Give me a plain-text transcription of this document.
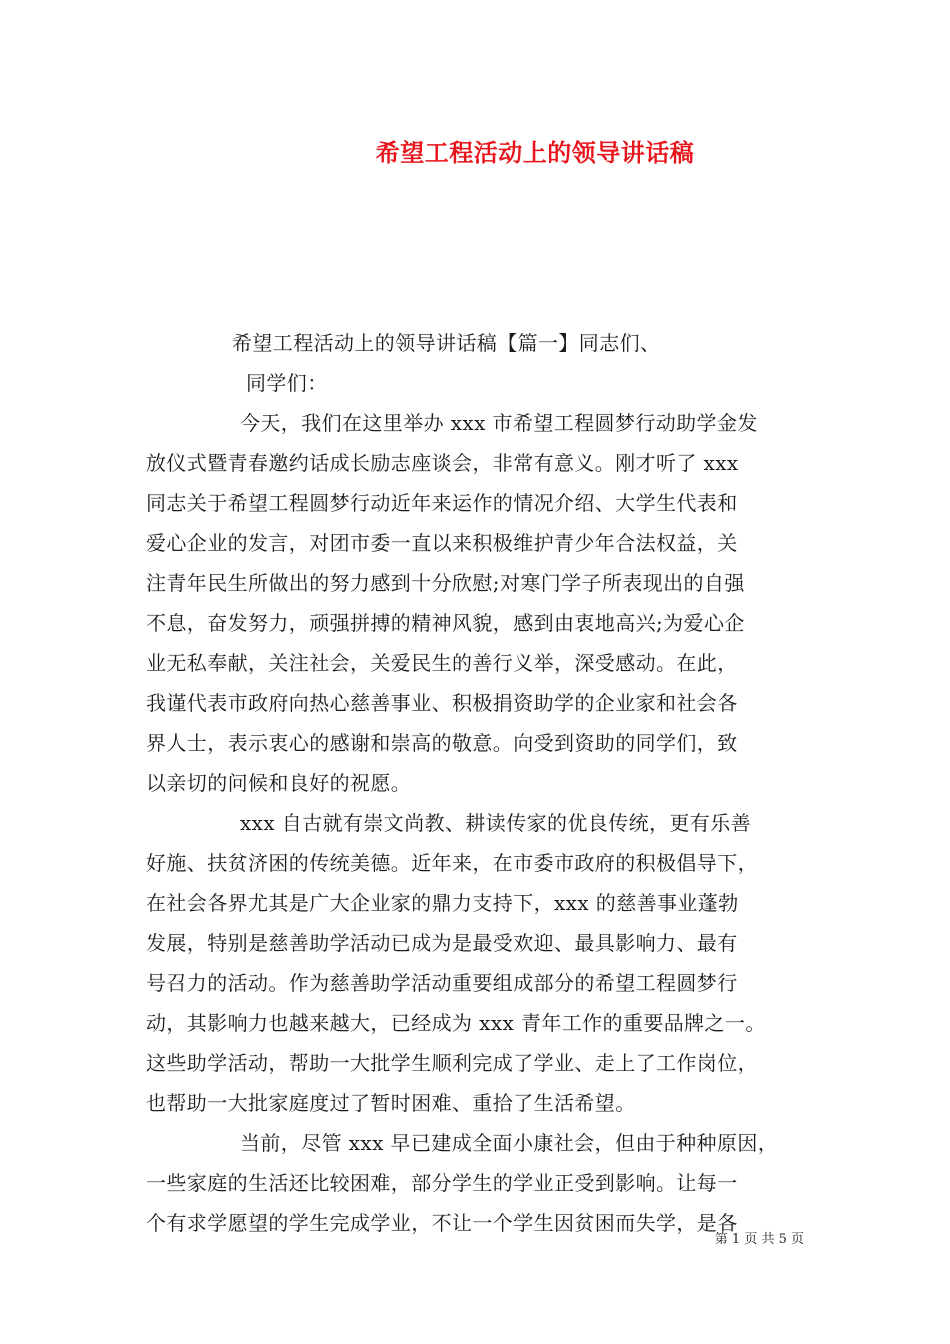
希望工程活动上的领导讲话稿
希望工程活动上的领导讲话稿【篇一】同志们、
同学们：
今天，我们在这里举办 xxx 市希望工程圆梦行动助学金发
放仪式暨青春邀约话成长励志座谈会，非常有意义。刚才听了 xxx
同志关于希望工程圆梦行动近年来运作的情况介绍、大学生代表和
爱心企业的发言，对团市委一直以来积极维护青少年合法权益，关
注青年民生所做出的努力感到十分欣慰;对寒门学子所表现出的自强
不息，奋发努力，顽强拼搏的精神风貌，感到由衷地高兴;为爱心企
业无私奉献，关注社会，关爱民生的善行义举，深受感动。在此，
我谨代表市政府向热心慈善事业、积极捐资助学的企业家和社会各
界人士，表示衷心的感谢和崇高的敬意。向受到资助的同学们，致
以亲切的问候和良好的祝愿。
xxx 自古就有崇文尚教、耕读传家的优良传统，更有乐善
好施、扶贫济困的传统美德。近年来，在市委市政府的积极倡导下，
在社会各界尤其是广大企业家的鼎力支持下，xxx 的慈善事业蓬勃
发展，特别是慈善助学活动已成为是最受欢迎、最具影响力、最有
号召力的活动。作为慈善助学活动重要组成部分的希望工程圆梦行
动，其影响力也越来越大，已经成为 xxx 青年工作的重要品牌之一。
这些助学活动，帮助一大批学生顺利完成了学业、走上了工作岗位，
也帮助一大批家庭度过了暂时困难、重拾了生活希望。
当前，尽管 xxx 早已建成全面小康社会，但由于种种原因，
一些家庭的生活还比较困难，部分学生的学业正受到影响。让每一
个有求学愿望的学生完成学业，不让一个学生因贫困而失学，是各
第 1 页 共 5 页
